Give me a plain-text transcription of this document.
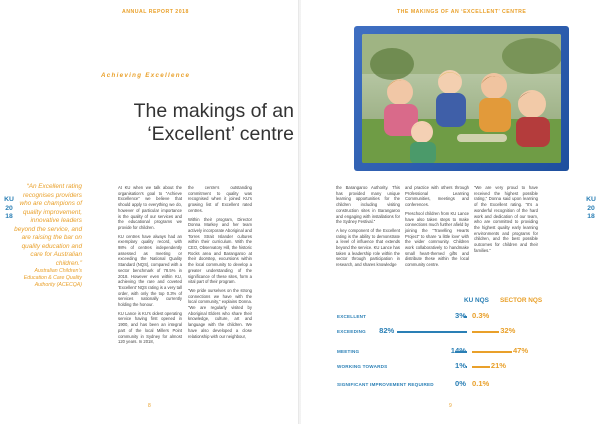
ANNUAL REPORT 2018
Achieving Excellence
The makings of an ‘Excellent’ centre
KU
20
18
“An Excellent rating recognises providers who are champions of quality improvement, innovative leaders beyond the service, and are raising the bar on quality education and care for Australian children.”
Australian Children’s Education & Care Quality Authority (ACECQA)

At KU when we talk about the organisation’s goal to “Achieve Excellence” we believe that should apply to everything we do, however of particular importance is the quality of our services and the educational programs we provide for children.

KU centres have always had an exemplary quality record, with 98% of centres independently assessed as meeting or exceeding the National Quality Standard (NQS), compared with a sector benchmark of 78.5% in 2018. However even within KU, achieving the rare and coveted ‘Excellent’ NQS rating is a very tall order, with only the top 0.3% of services nationally currently holding the honour.

KU Lance is KU’s oldest operating service having first opened in 1900, and has been an integral part of the local Millers Point community in Sydney for almost 120 years. In 2018,

the centre’s outstanding commitment to quality was recognised when it joined KU’s growing list of Excellent rated centres.

Within their program, Director Donna Markey and her team actively incorporate Aboriginal and Torres Strait Islander cultures within their curriculum. With the CEO, Observatory Hill, the historic Rocks area and Barangaroo at their doorstep, excursions within the local community to develop a greater understanding of the significance of these sites, form a vital part of their program.

“We pride ourselves on the strong connections we have with the local community,” explains Donna. “We are regularly visited by Aboriginal Elders who share their knowledge, culture, art and language with the children. We have also developed a close relationship with our neighbour,

8
THE MAKINGS OF AN ‘EXCELLENT’ CENTRE
KU
20
18

the Barangaroo Authority. This has provided many unique learning opportunities for the children including visiting construction sites in Barangaroo and engaging with installations for the Sydney Festival.”

A key component of the Excellent rating is the ability to demonstrate a level of influence that extends beyond the service. KU Lance has taken a leadership role within the sector through participation in research, and shares knowledge

and practice with others through Professional Learning Communities, meetings and conferences.

Preschool children from KU Lance have also taken steps to make connections much further afield by joining the “Travelling Hearts Project” to share ‘a little love’ with the wider community. Children work collaboratively to handmake small heart-themed gifts and distribute these within the local community centre.

“We are very proud to have received the highest possible rating,” Donna said upon learning of the Excellent rating. “It’s a wonderful recognition of the hard work and dedication of our team, who are committed to providing the highest quality early learning environments and programs for children, and the best possible outcomes for children and their families.”

KU NQS SECTOR NQS
EXCELLENT	3% 0.3%
EXCEEDING	82%	32%
MEETING	14%	47%
WORKING TOWARDS	1%	21%
SIGNIFICANT IMPROVEMENT REQUIRED	0% 0.1%
9
